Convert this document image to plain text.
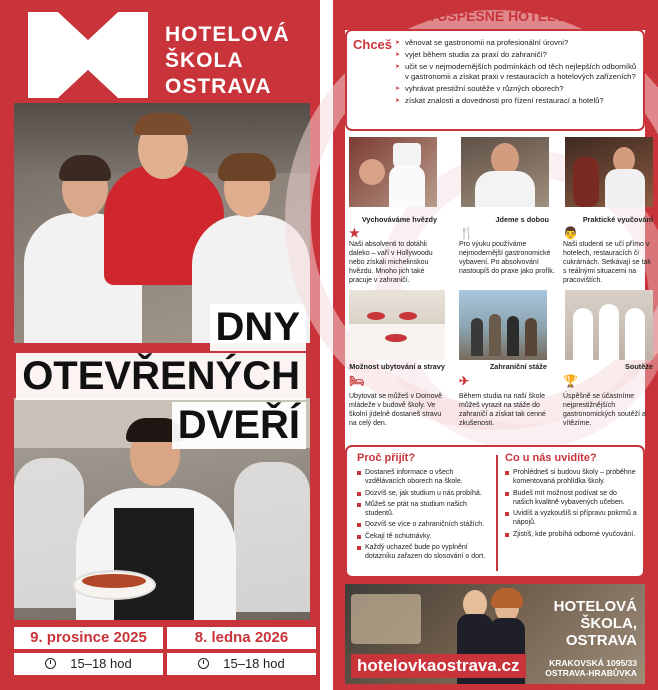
HOTELOVÁ
ŠKOLA
OSTRAVA
DNY
OTEVŘENÝCH
DVEŘÍ
9. prosince 2025
15–18 hod
8. ledna 2026
15–18 hod
STUDUJ NA ÚSPĚŠNÉ HOTELOVÉ ŠKOLE
Chceš
➤	věnovat se gastronomii na profesionální úrovni?
➤ vyjet během studia za praxí do zahraničí?
➤ učit se v nejmodernějších podmínkách od těch nejlepších odborníků v gastronomii a získat praxi v restauracích a hotelových zařízeních?
➤ vyhrávat prestižní soutěže v různých oborech?
➤ získat znalosti a dovednosti pro řízení restaurací a hotelů?
Vychováváme hvězdy	Jdeme s dobou	Praktické vyučování
★	🍴	👨
Naši absolventi to dotáhli daleko – vaří v Hollywoodu nebo získali michelinskou hvězdu. Mnoho jich také pracuje v zahraničí.
Pro výuku používáme nejmodernější gastronomické vybavení. Po absolvování nastoupíš do praxe jako profík.
Naši studenti se učí přímo v hotelech, restauracích či cukrárnách. Setkávají se tak s reálnými situacemi na pracovištích.
Možnost ubytování a stravy	Zahraniční stáže	Soutěže
🛏	✈	🏆
Ubytovat se můžeš v Domově mládeže v budově školy. Ve školní jídelně dostaneš stravu na celý den.
Během studia na naší škole můžeš vyrazit na stáže do zahraničí a získat tak cenné zkušenosti.
Úspěšně se účastníme nejprestižnějších gastronomických soutěží a vítězíme.
Proč přijít?
Dostaneš informace o všech vzdělávacích oborech na škole.
Dozvíš se, jak studium u nás probíhá.
Můžeš se ptát na studium našich studentů.
Dozvíš se více o zahraničních stážích.
Čekají tě ochutnávky.
Každý uchazeč bude po vyplnění dotazníku zařazen do slosování o dort.
Co u nás uvidíte?
Prohlédneš si budovu školy – proběhne komentovaná prohlídka školy.
Budeš mít možnost podívat se do našich kvalitně vybavených učeben.
Uvidíš a vyzkoušíš si přípravu pokrmů a nápojů.
Zjistíš, kde probíhá odborné vyučování.
HOTELOVÁ
ŠKOLA,
OSTRAVA
KRAKOVSKÁ 1095/33
OSTRAVA-HRABŮVKA
hotelovkaostrava.cz
